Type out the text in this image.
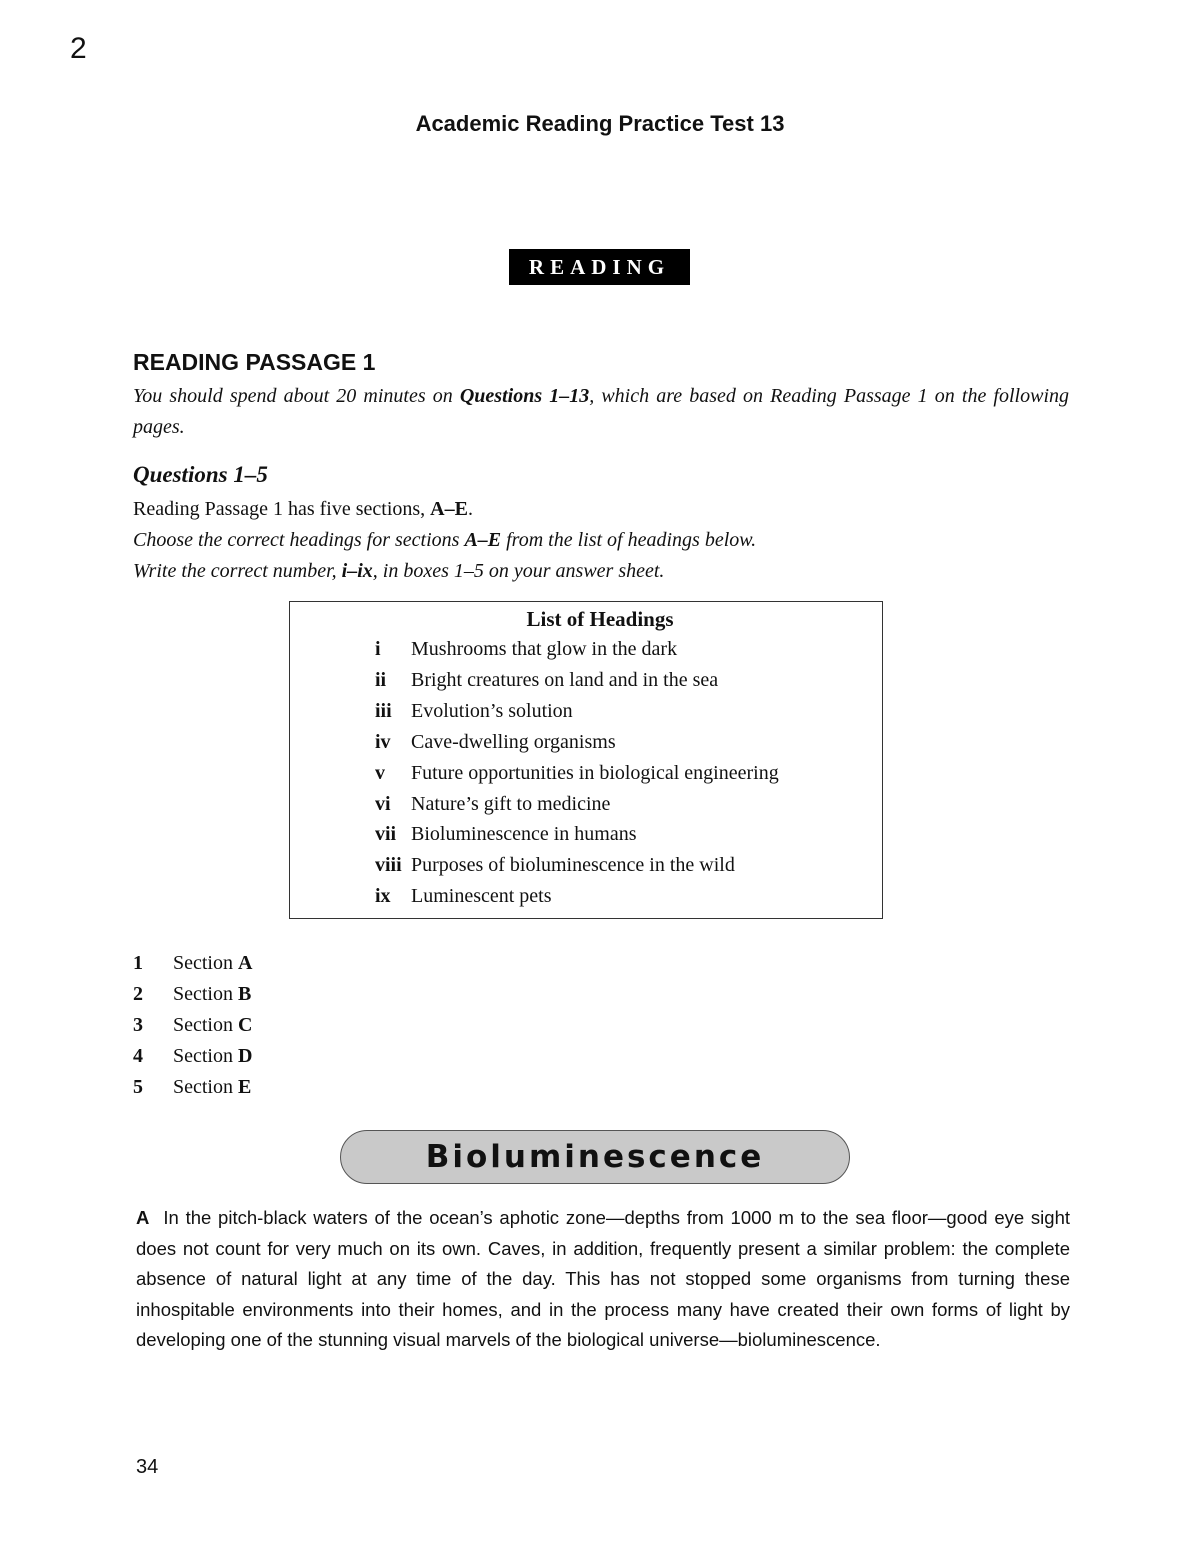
2
Academic Reading Practice Test 13
READING
READING PASSAGE 1
You should spend about 20 minutes on Questions 1–13, which are based on Reading Passage 1 on the following pages.
Questions 1–5
Reading Passage 1 has five sections, A–E.
Choose the correct headings for sections A–E from the list of headings below.
Write the correct number, i–ix, in boxes 1–5 on your answer sheet.
List of Headings
i Mushrooms that glow in the dark
ii Bright creatures on land and in the sea
iii Evolution’s solution
iv Cave-dwelling organisms
v Future opportunities in biological engineering
vi Nature’s gift to medicine
vii Bioluminescence in humans
viii Purposes of bioluminescence in the wild
ix Luminescent pets
1 Section A
2 Section B
3 Section C
4 Section D
5 Section E
Bioluminescence
A In the pitch-black waters of the ocean’s aphotic zone—depths from 1000 m to the sea floor—good eye sight does not count for very much on its own. Caves, in addition, frequently present a similar problem: the complete absence of natural light at any time of the day. This has not stopped some organisms from turning these inhospitable environments into their homes, and in the process many have created their own forms of light by developing one of the stunning visual marvels of the biological universe—bioluminescence.
34
